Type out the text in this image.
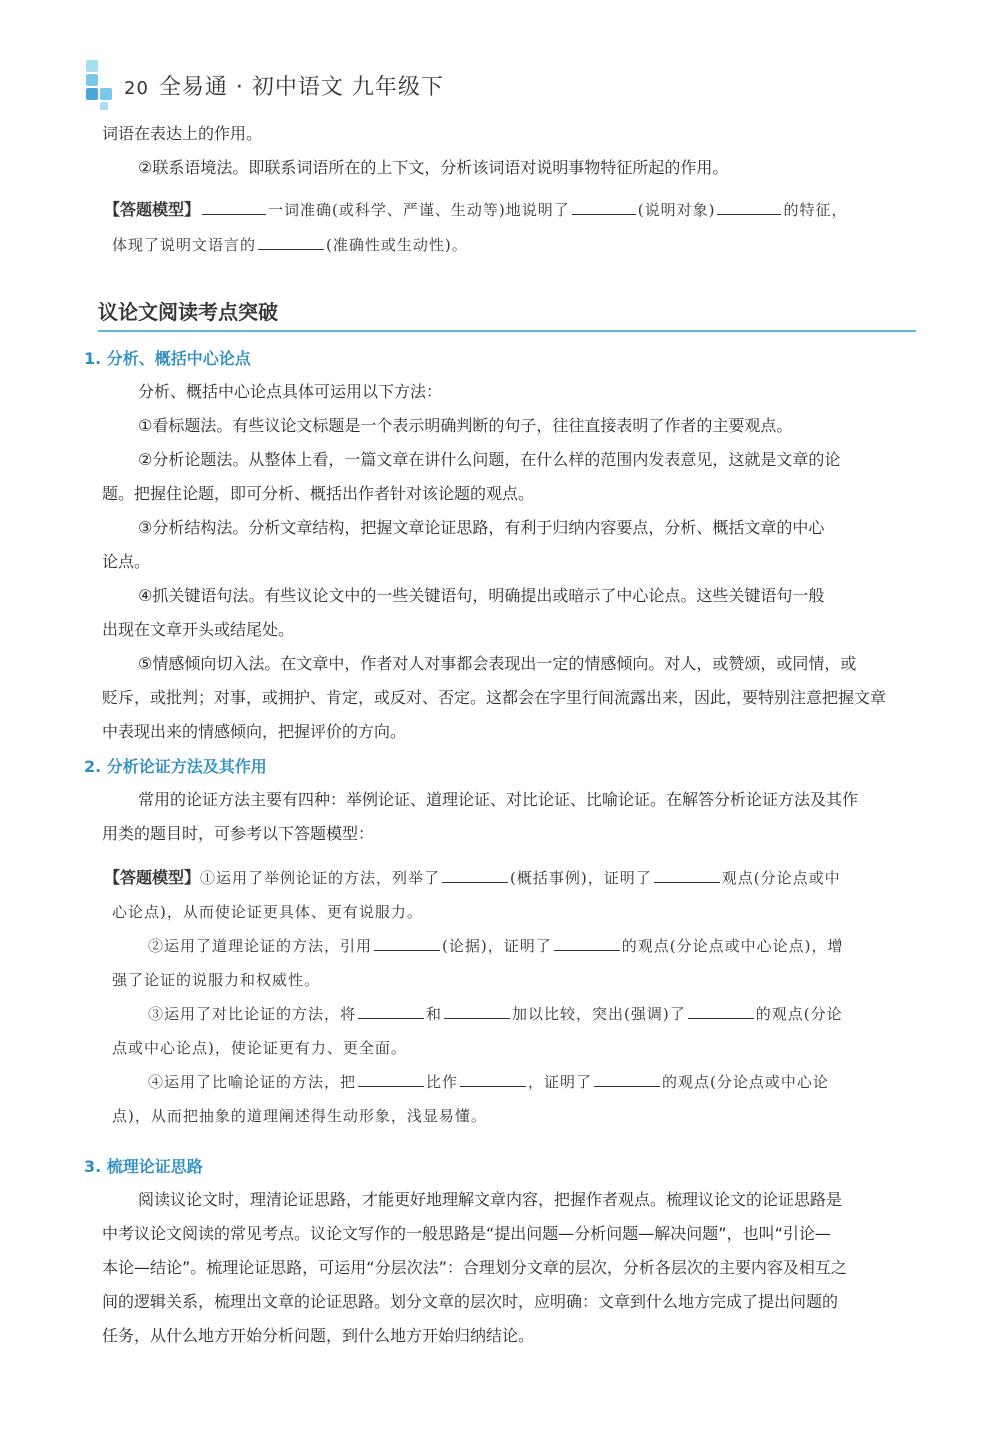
20 全易通 · 初中语文 九年级下
词语在表达上的作用。
②联系语境法。即联系词语所在的上下文，分析该词语对说明事物特征所起的作用。
【答题模型】	一词准确(或科学、严谨、生动等)地说明了	(说明对象)	的特征，
体现了说明文语言的	(准确性或生动性)。
议论文阅读考点突破
1. 分析、概括中心论点
分析、概括中心论点具体可运用以下方法：
①看标题法。有些议论文标题是一个表示明确判断的句子，往往直接表明了作者的主要观点。
②分析论题法。从整体上看，一篇文章在讲什么问题，在什么样的范围内发表意见，这就是文章的论
题。把握住论题，即可分析、概括出作者针对该论题的观点。
③分析结构法。分析文章结构，把握文章论证思路，有利于归纳内容要点，分析、概括文章的中心
论点。
④抓关键语句法。有些议论文中的一些关键语句，明确提出或暗示了中心论点。这些关键语句一般
出现在文章开头或结尾处。
⑤情感倾向切入法。在文章中，作者对人对事都会表现出一定的情感倾向。对人，或赞颂，或同情，或
贬斥，或批判；对事，或拥护、肯定，或反对、否定。这都会在字里行间流露出来，因此，要特别注意把握文章
中表现出来的情感倾向，把握评价的方向。
2. 分析论证方法及其作用
常用的论证方法主要有四种：举例论证、道理论证、对比论证、比喻论证。在解答分析论证方法及其作
用类的题目时，可参考以下答题模型：
【答题模型】①运用了举例论证的方法，列举了	(概括事例)，证明了	观点(分论点或中
心论点)，从而使论证更具体、更有说服力。
②运用了道理论证的方法，引用	(论据)，证明了	的观点(分论点或中心论点)，增
强了论证的说服力和权威性。
③运用了对比论证的方法，将	和	加以比较，突出(强调)了	的观点(分论
点或中心论点)，使论证更有力、更全面。
④运用了比喻论证的方法，把	比作	，证明了	的观点(分论点或中心论
点)，从而把抽象的道理阐述得生动形象，浅显易懂。
3. 梳理论证思路
阅读议论文时，理清论证思路，才能更好地理解文章内容，把握作者观点。梳理议论文的论证思路是
中考议论文阅读的常见考点。议论文写作的一般思路是“提出问题—分析问题—解决问题”，也叫“引论—
本论—结论”。梳理论证思路，可运用“分层次法”：合理划分文章的层次，分析各层次的主要内容及相互之
间的逻辑关系，梳理出文章的论证思路。划分文章的层次时，应明确：文章到什么地方完成了提出问题的
任务，从什么地方开始分析问题，到什么地方开始归纳结论。
